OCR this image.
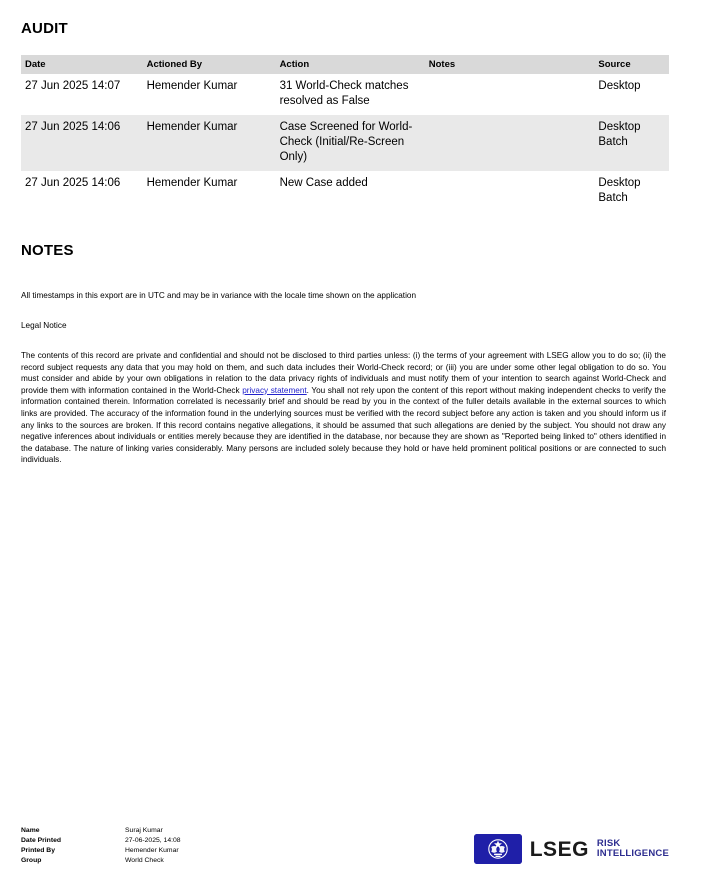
AUDIT
Date	Actioned By	Action	Notes	Source
27 Jun 2025 14:07	Hemender Kumar	31 World-Check matches resolved as False		Desktop
27 Jun 2025 14:06	Hemender Kumar	Case Screened for World-Check (Initial/Re-Screen Only)		Desktop Batch
27 Jun 2025 14:06	Hemender Kumar	New Case added		Desktop Batch
NOTES

All timestamps in this export are in UTC and may be in variance with the locale time shown on the application

Legal Notice

The contents of this record are private and confidential and should not be disclosed to third parties unless: (i) the terms of your agreement with LSEG allow you to do so; (ii) the record subject requests any data that you may hold on them, and such data includes their World-Check record; or (iii) you are under some other legal obligation to do so. You must consider and abide by your own obligations in relation to the data privacy rights of individuals and must notify them of your intention to search against World-Check and provide them with information contained in the World-Check privacy statement. You shall not rely upon the content of this report without making independent checks to verify the information contained therein. Information correlated is necessarily brief and should be read by you in the context of the fuller details available in the external sources to which links are provided. The accuracy of the information found in the underlying sources must be verified with the record subject before any action is taken and you should inform us if any links to the sources are broken. If this record contains negative allegations, it should be assumed that such allegations are denied by the subject. You should not draw any negative inferences about individuals or entities merely because they are identified in the database, nor because they are shown as "Reported being linked to" others identified in the database. The nature of linking varies considerably. Many persons are included solely because they hold or have held prominent political positions or are connected to such individuals.

Name	Suraj Kumar
Date Printed	27-06-2025, 14:08
Printed By	Hemender Kumar
Group	World Check	LSEG RISK
INTELLIGENCE
